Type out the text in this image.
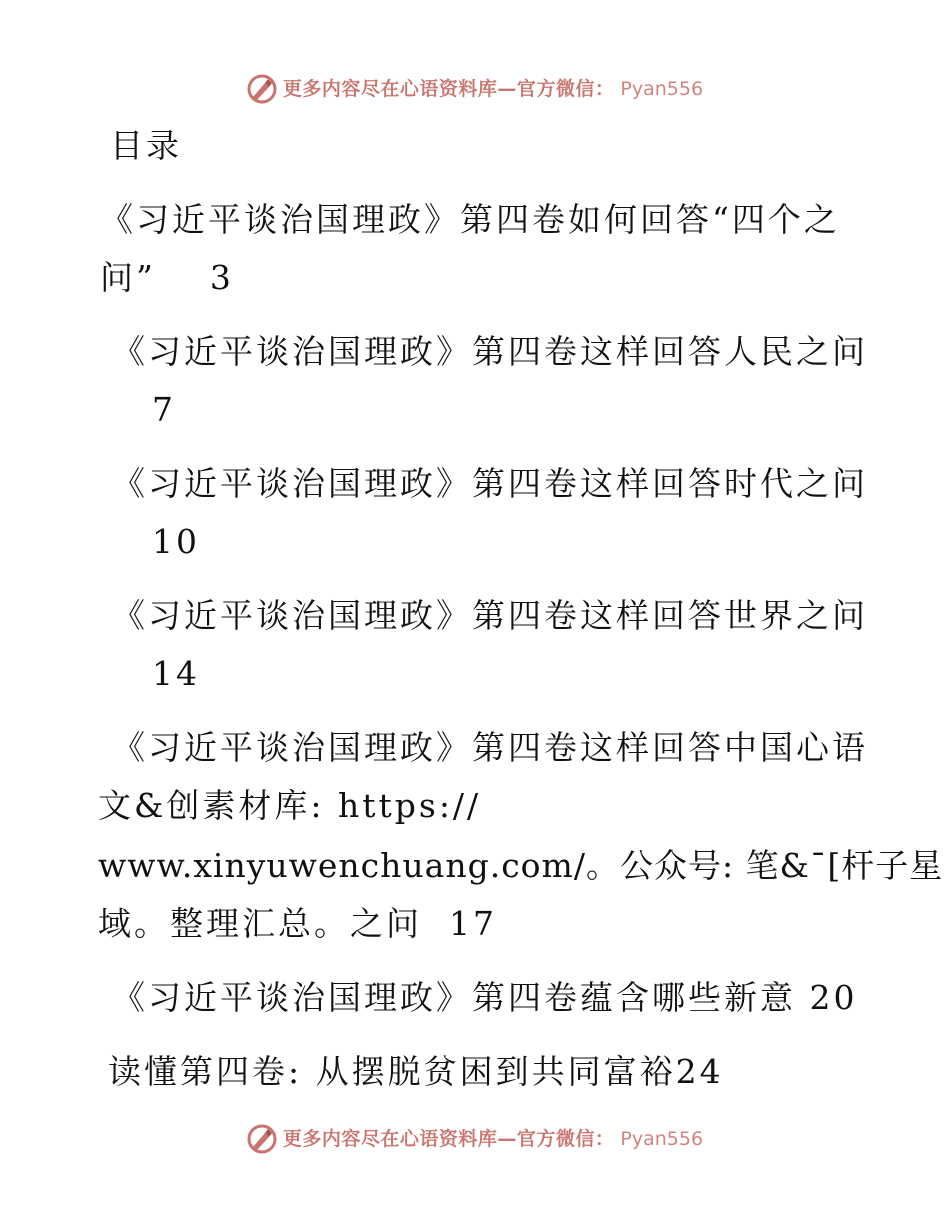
更多内容尽在心语资料库—官方微信： Pyan556
目录
《习近平谈治国理政》第四卷如何回答“四个之
问”    3
《习近平谈治国理政》第四卷这样回答人民之问
7
《习近平谈治国理政》第四卷这样回答时代之问
10
《习近平谈治国理政》第四卷这样回答世界之问
14
《习近平谈治国理政》第四卷这样回答中国心语
文&创素材库: https://
www.xinyuwenchuang.com/。公众号: 笔&¯[杆子星
域。整理汇总。之问  17
《习近平谈治国理政》第四卷蕴含哪些新意 20
读懂第四卷: 从摆脱贫困到共同富裕24
更多内容尽在心语资料库—官方微信： Pyan556
